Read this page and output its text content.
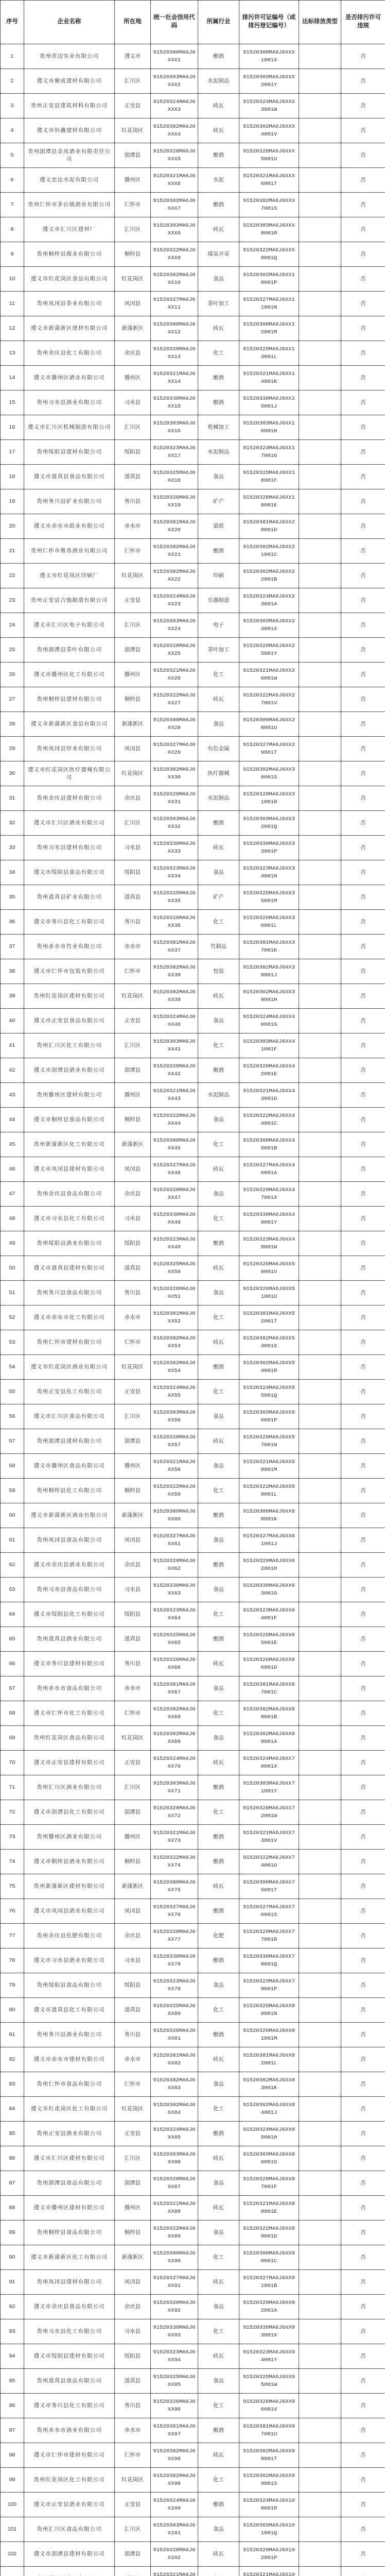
序号	企业名称	所在地	统一社会信用代码	所属行业	排污许可证编号（或排污登记编号）	达标排放类型	是否排污许可违规
1	贵州省迈实业有限公司	遵义市	91520300MA6J6XXX1	酿酒	91520300MA6J6XXX1001X		否
2	遵义市聚成建材有限公司	汇川区	91520303MA6J6XXX2	水泥制品	91520303MA6J6XXX2001Y		否
3	贵州正安县建筑材料有限公司	正安县	91520324MA6J6XXX3	砖瓦	91520324MA6J6XXX3001W		否
4	遵义市恒鑫建材有限公司	红花岗区	91520302MA6J6XXX4	砖瓦	91520302MA6J6XXX4001V		否
5	贵州湄潭县金凤酒业有限责任公司	湄潭县	91520328MA6J6XXX5	酿酒	91520328MA6J6XXX5001U		否
6	遵义宏达水泥有限公司	播州区	91520321MA6J6XXX6	水泥	91520321MA6J6XXX6001T		否
7	贵州仁怀市茅台镇酒业有限公司	仁怀市	91520382MA6J6XXX7	酿酒	91520382MA6J6XXX7001S		否
8	遵义市汇川区建材厂	汇川区	91520303MA6J6XXX8	砖瓦	91520303MA6J6XXX8001R		否
9	贵州桐梓县煤业有限公司	桐梓县	91520322MA6J6XXX9	煤炭开采	91520322MA6J6XXX9001Q		否
10	遵义市红花岗区食品有限公司	红花岗区	91520302MA6J6XX10	食品	91520302MA6J6XX10001P		否
11	贵州凤冈县茶业有限公司	凤冈县	91520327MA6J6XX11	茶叶加工	91520327MA6J6XX11001N		否
12	遵义市新蒲新区建材有限公司	新蒲新区	91520300MA6J6XX12	砖瓦	91520300MA6J6XX12001M		否
13	贵州余庆县化工有限公司	余庆县	91520329MA6J6XX13	化工	91520329MA6J6XX13001L		否
14	遵义市播州区酒业有限公司	播州区	91520321MA6J6XX14	酿酒	91520321MA6J6XX14001K		否
15	贵州习水县酒业有限公司	习水县	91520330MA6J6XX15	酿酒	91520330MA6J6XX15001J		否
16	遵义市汇川区机械制造有限公司	汇川区	91520303MA6J6XX16	机械加工	91520303MA6J6XX16001H		否
17	贵州绥阳县建材有限公司	绥阳县	91520323MA6J6XX17	水泥制品	91520323MA6J6XX17001G		否
18	遵义市道真县食品有限公司	道真县	91520325MA6J6XX18	食品	91520325MA6J6XX18001F		否
19	贵州务川县矿业有限公司	务川县	91520326MA6J6XX19	矿产	91520326MA6J6XX19001E		否
20	遵义市赤水市纸业有限公司	赤水市	91520381MA6J6XX20	造纸	91520381MA6J6XX20001D		否
21	贵州仁怀市酱香酒业有限公司	仁怀市	91520382MA6J6XX21	酿酒	91520382MA6J6XX21001C		否
22	遵义市红花岗区印刷厂	红花岗区	91520302MA6J6XX22	印刷	91520302MA6J6XX22001B		否
23	贵州正安县吉他制造有限公司	正安县	91520324MA6J6XX23	乐器制造	91520324MA6J6XX23001A		否
24	遵义市汇川区电子有限公司	汇川区	91520303MA6J6XX24	电子	91520303MA6J6XX24001X		否
25	贵州湄潭县茶叶有限公司	湄潭县	91520328MA6J6XX25	茶叶加工	91520328MA6J6XX25001Y		否
26	遵义市播州区化工有限公司	播州区	91520321MA6J6XX26	化工	91520321MA6J6XX26001W		否
27	贵州桐梓县建材有限公司	桐梓县	91520322MA6J6XX27	砖瓦	91520322MA6J6XX27001V		否
28	遵义市新蒲新区食品有限公司	新蒲新区	91520300MA6J6XX28	食品	91520300MA6J6XX28001U		否
29	贵州凤冈县锌业有限公司	凤冈县	91520327MA6J6XX29	有色金属	91520327MA6J6XX29001T		否
30	遵义市红花岗区医疗器械有限公司	红花岗区	91520302MA6J6XX30	医疗器械	91520302MA6J6XX30001S		否
31	贵州余庆县建材有限公司	余庆县	91520329MA6J6XX31	水泥制品	91520329MA6J6XX31001R		否
32	遵义市汇川区酒业有限公司	汇川区	91520303MA6J6XX32	酿酒	91520303MA6J6XX32001Q		否
33	贵州习水县建材有限公司	习水县	91520330MA6J6XX33	砖瓦	91520330MA6J6XX33001P		否
34	遵义市绥阳县食品有限公司	绥阳县	91520323MA6J6XX34	食品	91520323MA6J6XX34001N		否
35	贵州道真县矿业有限公司	道真县	91520325MA6J6XX35	矿产	91520325MA6J6XX35001M		否
36	遵义市务川县化工有限公司	务川县	91520326MA6J6XX36	化工	91520326MA6J6XX36001L		否
37	贵州赤水市竹业有限公司	赤水市	91520381MA6J6XX37	竹制品	91520381MA6J6XX37001K		否
38	遵义市仁怀市包装有限公司	仁怀市	91520382MA6J6XX38	包装	91520382MA6J6XX38001J		否
39	贵州红花岗区建材有限公司	红花岗区	91520302MA6J6XX39	砖瓦	91520302MA6J6XX39001H		否
40	遵义市正安县食品有限公司	正安县	91520324MA6J6XX40	食品	91520324MA6J6XX40001G		否
41	贵州汇川区化工有限公司	汇川区	91520303MA6J6XX41	化工	91520303MA6J6XX41001F		否
42	遵义市湄潭县酒业有限公司	湄潭县	91520328MA6J6XX42	酿酒	91520328MA6J6XX42001E		否
43	贵州播州区建材有限公司	播州区	91520321MA6J6XX43	水泥制品	91520321MA6J6XX43001D		否
44	遵义市桐梓县食品有限公司	桐梓县	91520322MA6J6XX44	食品	91520322MA6J6XX44001C		否
45	贵州新蒲新区化工有限公司	新蒲新区	91520300MA6J6XX45	化工	91520300MA6J6XX45001B		否
46	遵义市凤冈县建材有限公司	凤冈县	91520327MA6J6XX46	砖瓦	91520327MA6J6XX46001A		否
47	贵州余庆县食品有限公司	余庆县	91520329MA6J6XX47	食品	91520329MA6J6XX47001X		否
48	遵义市习水县化工有限公司	习水县	91520330MA6J6XX48	化工	91520330MA6J6XX48001Y		否
49	贵州绥阳县酒业有限公司	绥阳县	91520323MA6J6XX49	酿酒	91520323MA6J6XX49001W		否
50	遵义市道真县建材有限公司	道真县	91520325MA6J6XX50	砖瓦	91520325MA6J6XX50001V		否
51	贵州务川县食品有限公司	务川县	91520326MA6J6XX51	食品	91520326MA6J6XX51001U		否
52	遵义市赤水市化工有限公司	赤水市	91520381MA6J6XX52	化工	91520381MA6J6XX52001T		否
53	贵州仁怀市建材有限公司	仁怀市	91520382MA6J6XX53	砖瓦	91520382MA6J6XX53001S		否
54	遵义市红花岗区酒业有限公司	红花岗区	91520302MA6J6XX54	酿酒	91520302MA6J6XX54001R		否
55	贵州正安县化工有限公司	正安县	91520324MA6J6XX55	化工	91520324MA6J6XX55001Q		否
56	遵义市汇川区食品有限公司	汇川区	91520303MA6J6XX56	食品	91520303MA6J6XX56001P		否
57	贵州湄潭县建材有限公司	湄潭县	91520328MA6J6XX57	砖瓦	91520328MA6J6XX57001N		否
58	遵义市播州区食品有限公司	播州区	91520321MA6J6XX58	食品	91520321MA6J6XX58001M		否
59	贵州桐梓县化工有限公司	桐梓县	91520322MA6J6XX59	化工	91520322MA6J6XX59001L		否
60	遵义市新蒲新区酒业有限公司	新蒲新区	91520300MA6J6XX60	酿酒	91520300MA6J6XX60001K		否
61	贵州凤冈县食品有限公司	凤冈县	91520327MA6J6XX61	食品	91520327MA6J6XX61001J		否
62	遵义市余庆县酒业有限公司	余庆县	91520329MA6J6XX62	酿酒	91520329MA6J6XX62001H		否
63	贵州习水县食品有限公司	习水县	91520330MA6J6XX63	食品	91520330MA6J6XX63001G		否
64	遵义市绥阳县化工有限公司	绥阳县	91520323MA6J6XX64	化工	91520323MA6J6XX64001F		否
65	贵州道真县酒业有限公司	道真县	91520325MA6J6XX65	酿酒	91520325MA6J6XX65001E		否
66	遵义市务川县建材有限公司	务川县	91520326MA6J6XX66	砖瓦	91520326MA6J6XX66001D		否
67	贵州赤水市食品有限公司	赤水市	91520381MA6J6XX67	食品	91520381MA6J6XX67001C		否
68	遵义市仁怀市化工有限公司	仁怀市	91520382MA6J6XX68	化工	91520382MA6J6XX68001B		否
69	贵州红花岗区食品有限公司	红花岗区	91520302MA6J6XX69	食品	91520302MA6J6XX69001A		否
70	遵义市正安县建材有限公司	正安县	91520324MA6J6XX70	砖瓦	91520324MA6J6XX70001X		否
71	贵州汇川区酒业有限公司	汇川区	91520303MA6J6XX71	酿酒	91520303MA6J6XX71001Y		否
72	遵义市湄潭县化工有限公司	湄潭县	91520328MA6J6XX72	化工	91520328MA6J6XX72001W		否
73	贵州播州区酒业有限公司	播州区	91520321MA6J6XX73	酿酒	91520321MA6J6XX73001V		否
74	遵义市桐梓县酒业有限公司	桐梓县	91520322MA6J6XX74	酿酒	91520322MA6J6XX74001U		否
75	贵州新蒲新区建材有限公司	新蒲新区	91520300MA6J6XX75	砖瓦	91520300MA6J6XX75001T		否
76	遵义市凤冈县酒业有限公司	凤冈县	91520327MA6J6XX76	酿酒	91520327MA6J6XX76001S		否
77	贵州余庆县化肥有限公司	余庆县	91520329MA6J6XX77	化肥	91520329MA6J6XX77001R		否
78	遵义市习水县酒业有限公司	习水县	91520330MA6J6XX78	酿酒	91520330MA6J6XX78001Q		否
79	贵州绥阳县食品有限公司	绥阳县	91520323MA6J6XX79	食品	91520323MA6J6XX79001P		否
80	遵义市道真县化工有限公司	道真县	91520325MA6J6XX80	化工	91520325MA6J6XX80001N		否
81	贵州务川县酒业有限公司	务川县	91520326MA6J6XX81	酿酒	91520326MA6J6XX81001M		否
82	遵义市赤水市建材有限公司	赤水市	91520381MA6J6XX82	砖瓦	91520381MA6J6XX82001L		否
83	贵州仁怀市食品有限公司	仁怀市	91520382MA6J6XX83	食品	91520382MA6J6XX83001K		否
84	遵义市红花岗区化工有限公司	红花岗区	91520302MA6J6XX84	化工	91520302MA6J6XX84001J		否
85	贵州正安县酒业有限公司	正安县	91520324MA6J6XX85	酿酒	91520324MA6J6XX85001H		否
86	遵义市汇川区建材有限公司	汇川区	91520303MA6J6XX86	砖瓦	91520303MA6J6XX86001G		否
87	贵州湄潭县食品有限公司	湄潭县	91520328MA6J6XX87	食品	91520328MA6J6XX87001F		否
88	遵义市播州区建材有限公司	播州区	91520321MA6J6XX88	砖瓦	91520321MA6J6XX88001E		否
89	贵州桐梓县食品有限公司	桐梓县	91520322MA6J6XX89	食品	91520322MA6J6XX89001D		否
90	遵义市新蒲新区化工有限公司	新蒲新区	91520300MA6J6XX90	化工	91520300MA6J6XX90001C		否
91	贵州凤冈县建材有限公司	凤冈县	91520327MA6J6XX91	砖瓦	91520327MA6J6XX91001B		否
92	遵义市余庆县食品有限公司	余庆县	91520329MA6J6XX92	食品	91520329MA6J6XX92001A		否
93	贵州习水县化工有限公司	习水县	91520330MA6J6XX93	化工	91520330MA6J6XX93001X		否
94	遵义市绥阳县建材有限公司	绥阳县	91520323MA6J6XX94	砖瓦	91520323MA6J6XX94001Y		否
95	贵州道真县食品有限公司	道真县	91520325MA6J6XX95	食品	91520325MA6J6XX95001W		否
96	遵义市务川县化工有限公司	务川县	91520326MA6J6XX96	化工	91520326MA6J6XX96001V		否
97	贵州赤水市酒业有限公司	赤水市	91520381MA6J6XX97	酿酒	91520381MA6J6XX97001U		否
98	遵义市仁怀市建材有限公司	仁怀市	91520382MA6J6XX98	砖瓦	91520382MA6J6XX98001T		否
99	贵州红花岗区化工有限公司	红花岗区	91520302MA6J6XX99	化工	91520302MA6J6XX99001S		否
100	遵义市正安县酒业有限公司	正安县	91520324MA6J6X100	酿酒	91520324MA6J6X100001R		否
101	贵州汇川区食品有限公司	汇川区	91520303MA6J6X101	食品	91520303MA6J6X101001Q		否
102	遵义市湄潭县建材有限公司	湄潭县	91520328MA6J6X102	砖瓦	91520328MA6J6X102001P		否
			91520321MA6J6		91520321MA6J6X10		
